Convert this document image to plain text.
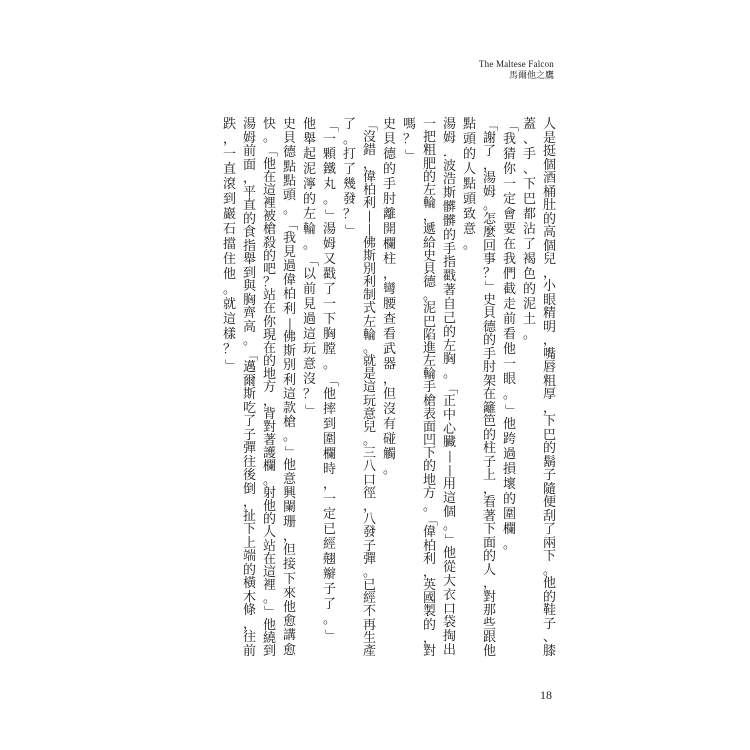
The Maltese Falcon
馬爾他之鷹
人
是
挺
個
酒
桶
肚
的
高
個
兒
，
小
眼
精
明
，
嘴
唇
粗
厚
，
下
巴
的
鬍
子
隨
便
刮
了
兩
下
。
他
的
鞋
子
、
膝
蓋
、
手
、
下
巴
都
沾
了
褐
色
的
泥
土
。
「
我
猜
你
一
定
會
要
在
我
們
截
走
前
看
他
一
眼
。
」
他
跨
過
損
壞
的
圍
欄
。
「
謝
了
，
湯
姆
。
怎
麼
回
事
？
」
史
貝
德
的
手
肘
架
在
籬
笆
的
柱
子
上
，
看
著
下
面
的
人
，
對
那
些
跟
他
點
頭
的
人
點
頭
致
意
。
湯
姆
．
波
浩
斯
髒
髒
的
手
指
戳
著
自
己
的
左
胸
。
「
正
中
心
臟
—
—
用
這
個
。
」
他
從
大
衣
口
袋
掏
出
一
把
粗
肥
的
左
輪
，
遞
給
史
貝
德
。
泥
巴
陷
進
左
輪
手
槍
表
面
凹
下
的
地
方
。
「
偉
柏
利
，
英
國
製
的
，
對
嗎
？
」
史
貝
德
的
手
肘
離
開
欄
柱
，
彎
腰
查
看
武
器
，
但
沒
有
碰
觸
。
「
沒
錯
，
偉
柏
利
—
—
佛
斯
別
利
制
式
左
輪
。
就
是
這
玩
意
兒
。
三
八
口
徑
，
八
發
子
彈
。
已
經
不
再
生
產
了
。
打
了
幾
發
？
」
「
一
顆
鐵
丸
。
」
湯
姆
又
戳
了
一
下
胸
膛
。
「
他
摔
到
圍
欄
時
，
一
定
已
經
翹
辮
子
了
。
」
他
舉
起
泥
濘
的
左
輪
。
「
以
前
見
過
這
玩
意
沒
？
」
史
貝
德
點
點
頭
。
「
我
見
過
偉
柏
利
—
佛
斯
別
利
這
款
槍
。
」
他
意
興
闌
珊
，
但
接
下
來
他
愈
講
愈
快
。
「
他
在
這
裡
被
槍
殺
的
吧
？
站
在
你
現
在
的
地
方
，
背
對
著
護
欄
。
射
他
的
人
站
在
這
裡
。
」
他
繞
到
湯
姆
前
面
，
平
直
的
食
指
舉
到
與
胸
齊
高
。
「
邁
爾
斯
吃
了
子
彈
往
後
倒
，
扯
下
上
端
的
橫
木
條
，
往
前
跌
，
一
直
滾
到
巖
石
擋
住
他
。
就
這
樣
？
」
18
